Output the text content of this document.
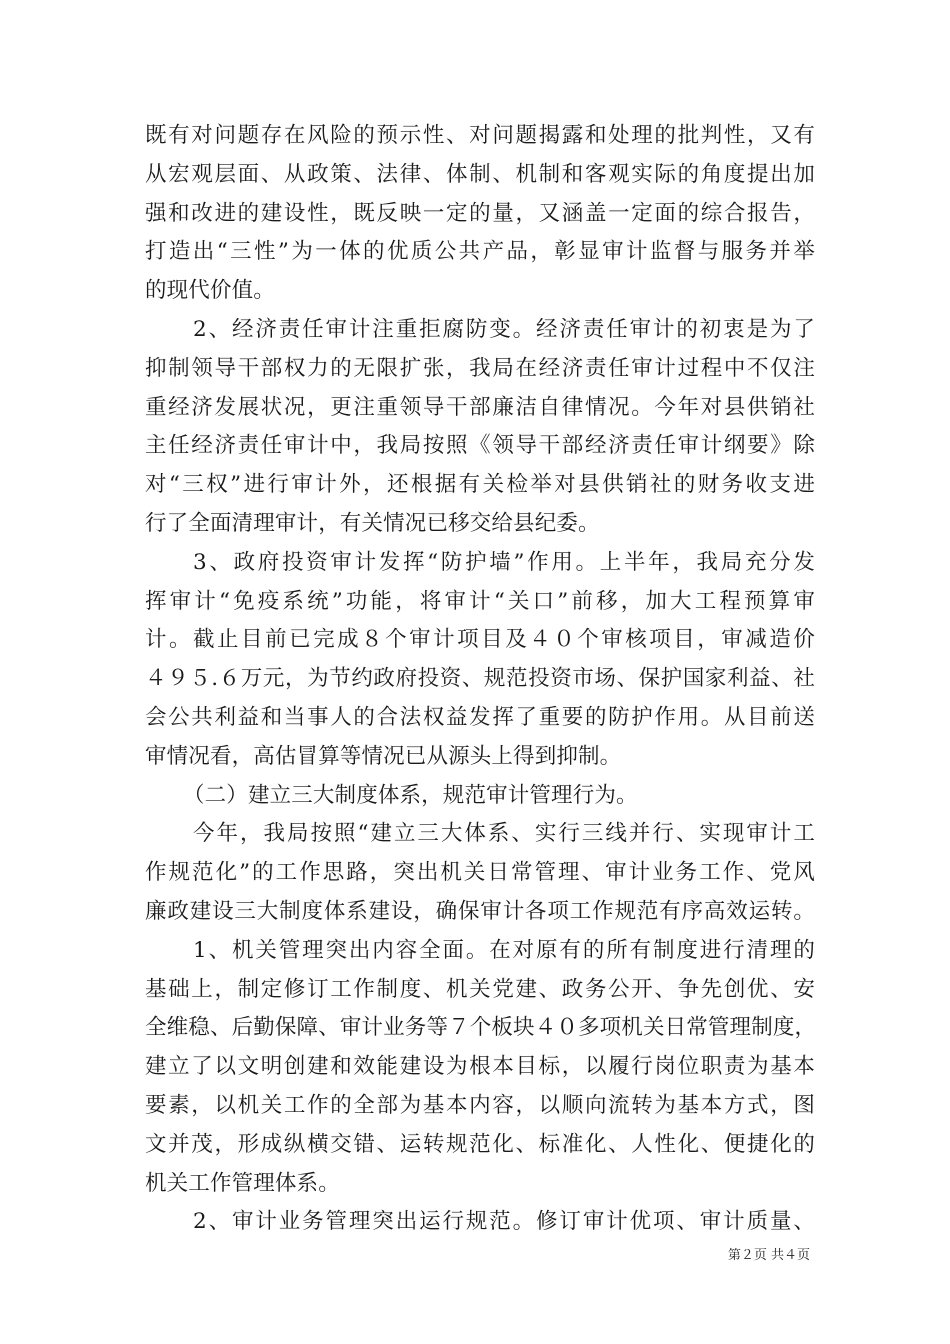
既有对问题存在风险的预示性、对问题揭露和处理的批判性，又有
从宏观层面、从政策、法律、体制、机制和客观实际的角度提出加
强和改进的建设性，既反映一定的量，又涵盖一定面的综合报告，
打造出“三性”为一体的优质公共产品，彰显审计监督与服务并举
的现代价值。
2、经济责任审计注重拒腐防变。经济责任审计的初衷是为了
抑制领导干部权力的无限扩张，我局在经济责任审计过程中不仅注
重经济发展状况，更注重领导干部廉洁自律情况。今年对县供销社
主任经济责任审计中，我局按照《领导干部经济责任审计纲要》除
对“三权”进行审计外，还根据有关检举对县供销社的财务收支进
行了全面清理审计，有关情况已移交给县纪委。
3、政府投资审计发挥“防护墙”作用。上半年，我局充分发
挥审计“免疫系统”功能，将审计“关口”前移，加大工程预算审
计。截止目前已完成８个审计项目及４０个审核项目，审减造价
４９５.６万元，为节约政府投资、规范投资市场、保护国家利益、社
会公共利益和当事人的合法权益发挥了重要的防护作用。从目前送
审情况看，高估冒算等情况已从源头上得到抑制。
（二）建立三大制度体系，规范审计管理行为。
今年，我局按照“建立三大体系、实行三线并行、实现审计工
作规范化”的工作思路，突出机关日常管理、审计业务工作、党风
廉政建设三大制度体系建设，确保审计各项工作规范有序高效运转。
1、机关管理突出内容全面。在对原有的所有制度进行清理的
基础上，制定修订工作制度、机关党建、政务公开、争先创优、安
全维稳、后勤保障、审计业务等７个板块４０多项机关日常管理制度，
建立了以文明创建和效能建设为根本目标，以履行岗位职责为基本
要素，以机关工作的全部为基本内容，以顺向流转为基本方式，图
文并茂，形成纵横交错、运转规范化、标准化、人性化、便捷化的
机关工作管理体系。
2、审计业务管理突出运行规范。修订审计优项、审计质量、
第２页 共４页
